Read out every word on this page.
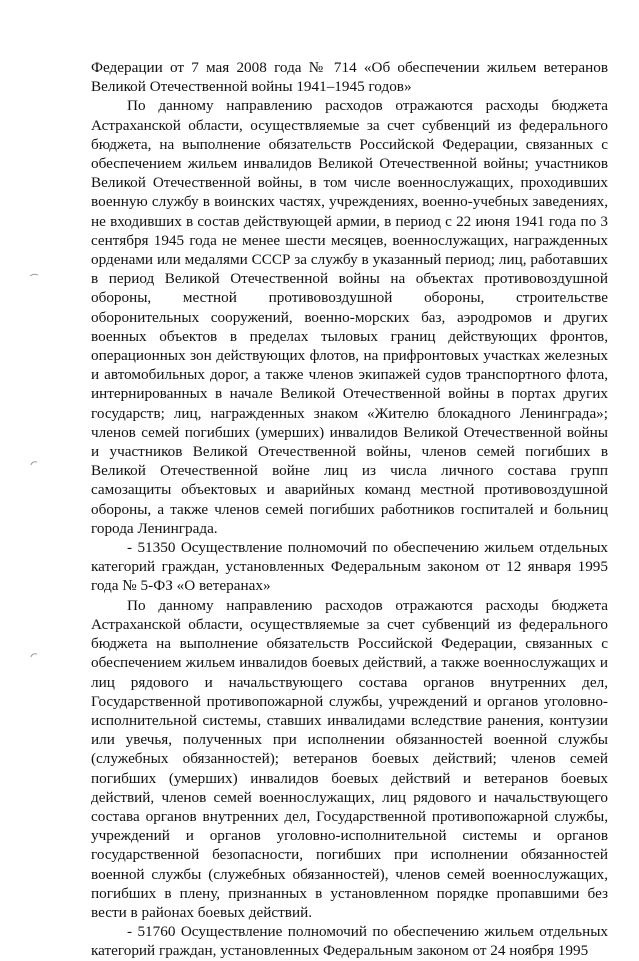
Федерации от 7 мая 2008 года № 714 «Об обеспечении жильем ветеранов Великой Отечественной войны 1941–1945 годов»

По данному направлению расходов отражаются расходы бюджета Астраханской области, осуществляемые за счет субвенций из федерального бюджета, на выполнение обязательств Российской Федерации, связанных с обеспечением жильем инвалидов Великой Отечественной войны; участников Великой Отечественной войны, в том числе военнослужащих, проходивших военную службу в воинских частях, учреждениях, военно-учебных заведениях, не входивших в состав действующей армии, в период с 22 июня 1941 года по 3 сентября 1945 года не менее шести месяцев, военнослужащих, награжденных орденами или медалями СССР за службу в указанный период; лиц, работавших в период Великой Отечественной войны на объектах противовоздушной обороны, местной противовоздушной обороны, строительстве оборонительных сооружений, военно-морских баз, аэродромов и других военных объектов в пределах тыловых границ действующих фронтов, операционных зон действующих флотов, на прифронтовых участках железных и автомобильных дорог, а также членов экипажей судов транспортного флота, интернированных в начале Великой Отечественной войны в портах других государств; лиц, награжденных знаком «Жителю блокадного Ленинграда»; членов семей погибших (умерших) инвалидов Великой Отечественной войны и участников Великой Отечественной войны, членов семей погибших в Великой Отечественной войне лиц из числа личного состава групп самозащиты объектовых и аварийных команд местной противовоздушной обороны, а также членов семей погибших работников госпиталей и больниц города Ленинграда.

- 51350 Осуществление полномочий по обеспечению жильем отдельных категорий граждан, установленных Федеральным законом от 12 января 1995 года № 5-ФЗ «О ветеранах»

По данному направлению расходов отражаются расходы бюджета Астраханской области, осуществляемые за счет субвенций из федерального бюджета на выполнение обязательств Российской Федерации, связанных с обеспечением жильем инвалидов боевых действий, а также военнослужащих и лиц рядового и начальствующего состава органов внутренних дел, Государственной противопожарной службы, учреждений и органов уголовно-исполнительной системы, ставших инвалидами вследствие ранения, контузии или увечья, полученных при исполнении обязанностей военной службы (служебных обязанностей); ветеранов боевых действий; членов семей погибших (умерших) инвалидов боевых действий и ветеранов боевых действий, членов семей военнослужащих, лиц рядового и начальствующего состава органов внутренних дел, Государственной противопожарной службы, учреждений и органов уголовно-исполнительной системы и органов государственной безопасности, погибших при исполнении обязанностей военной службы (служебных обязанностей), членов семей военнослужащих, погибших в плену, признанных в установленном порядке пропавшими без вести в районах боевых действий.

- 51760 Осуществление полномочий по обеспечению жильем отдельных категорий граждан, установленных Федеральным законом от 24 ноября 1995
